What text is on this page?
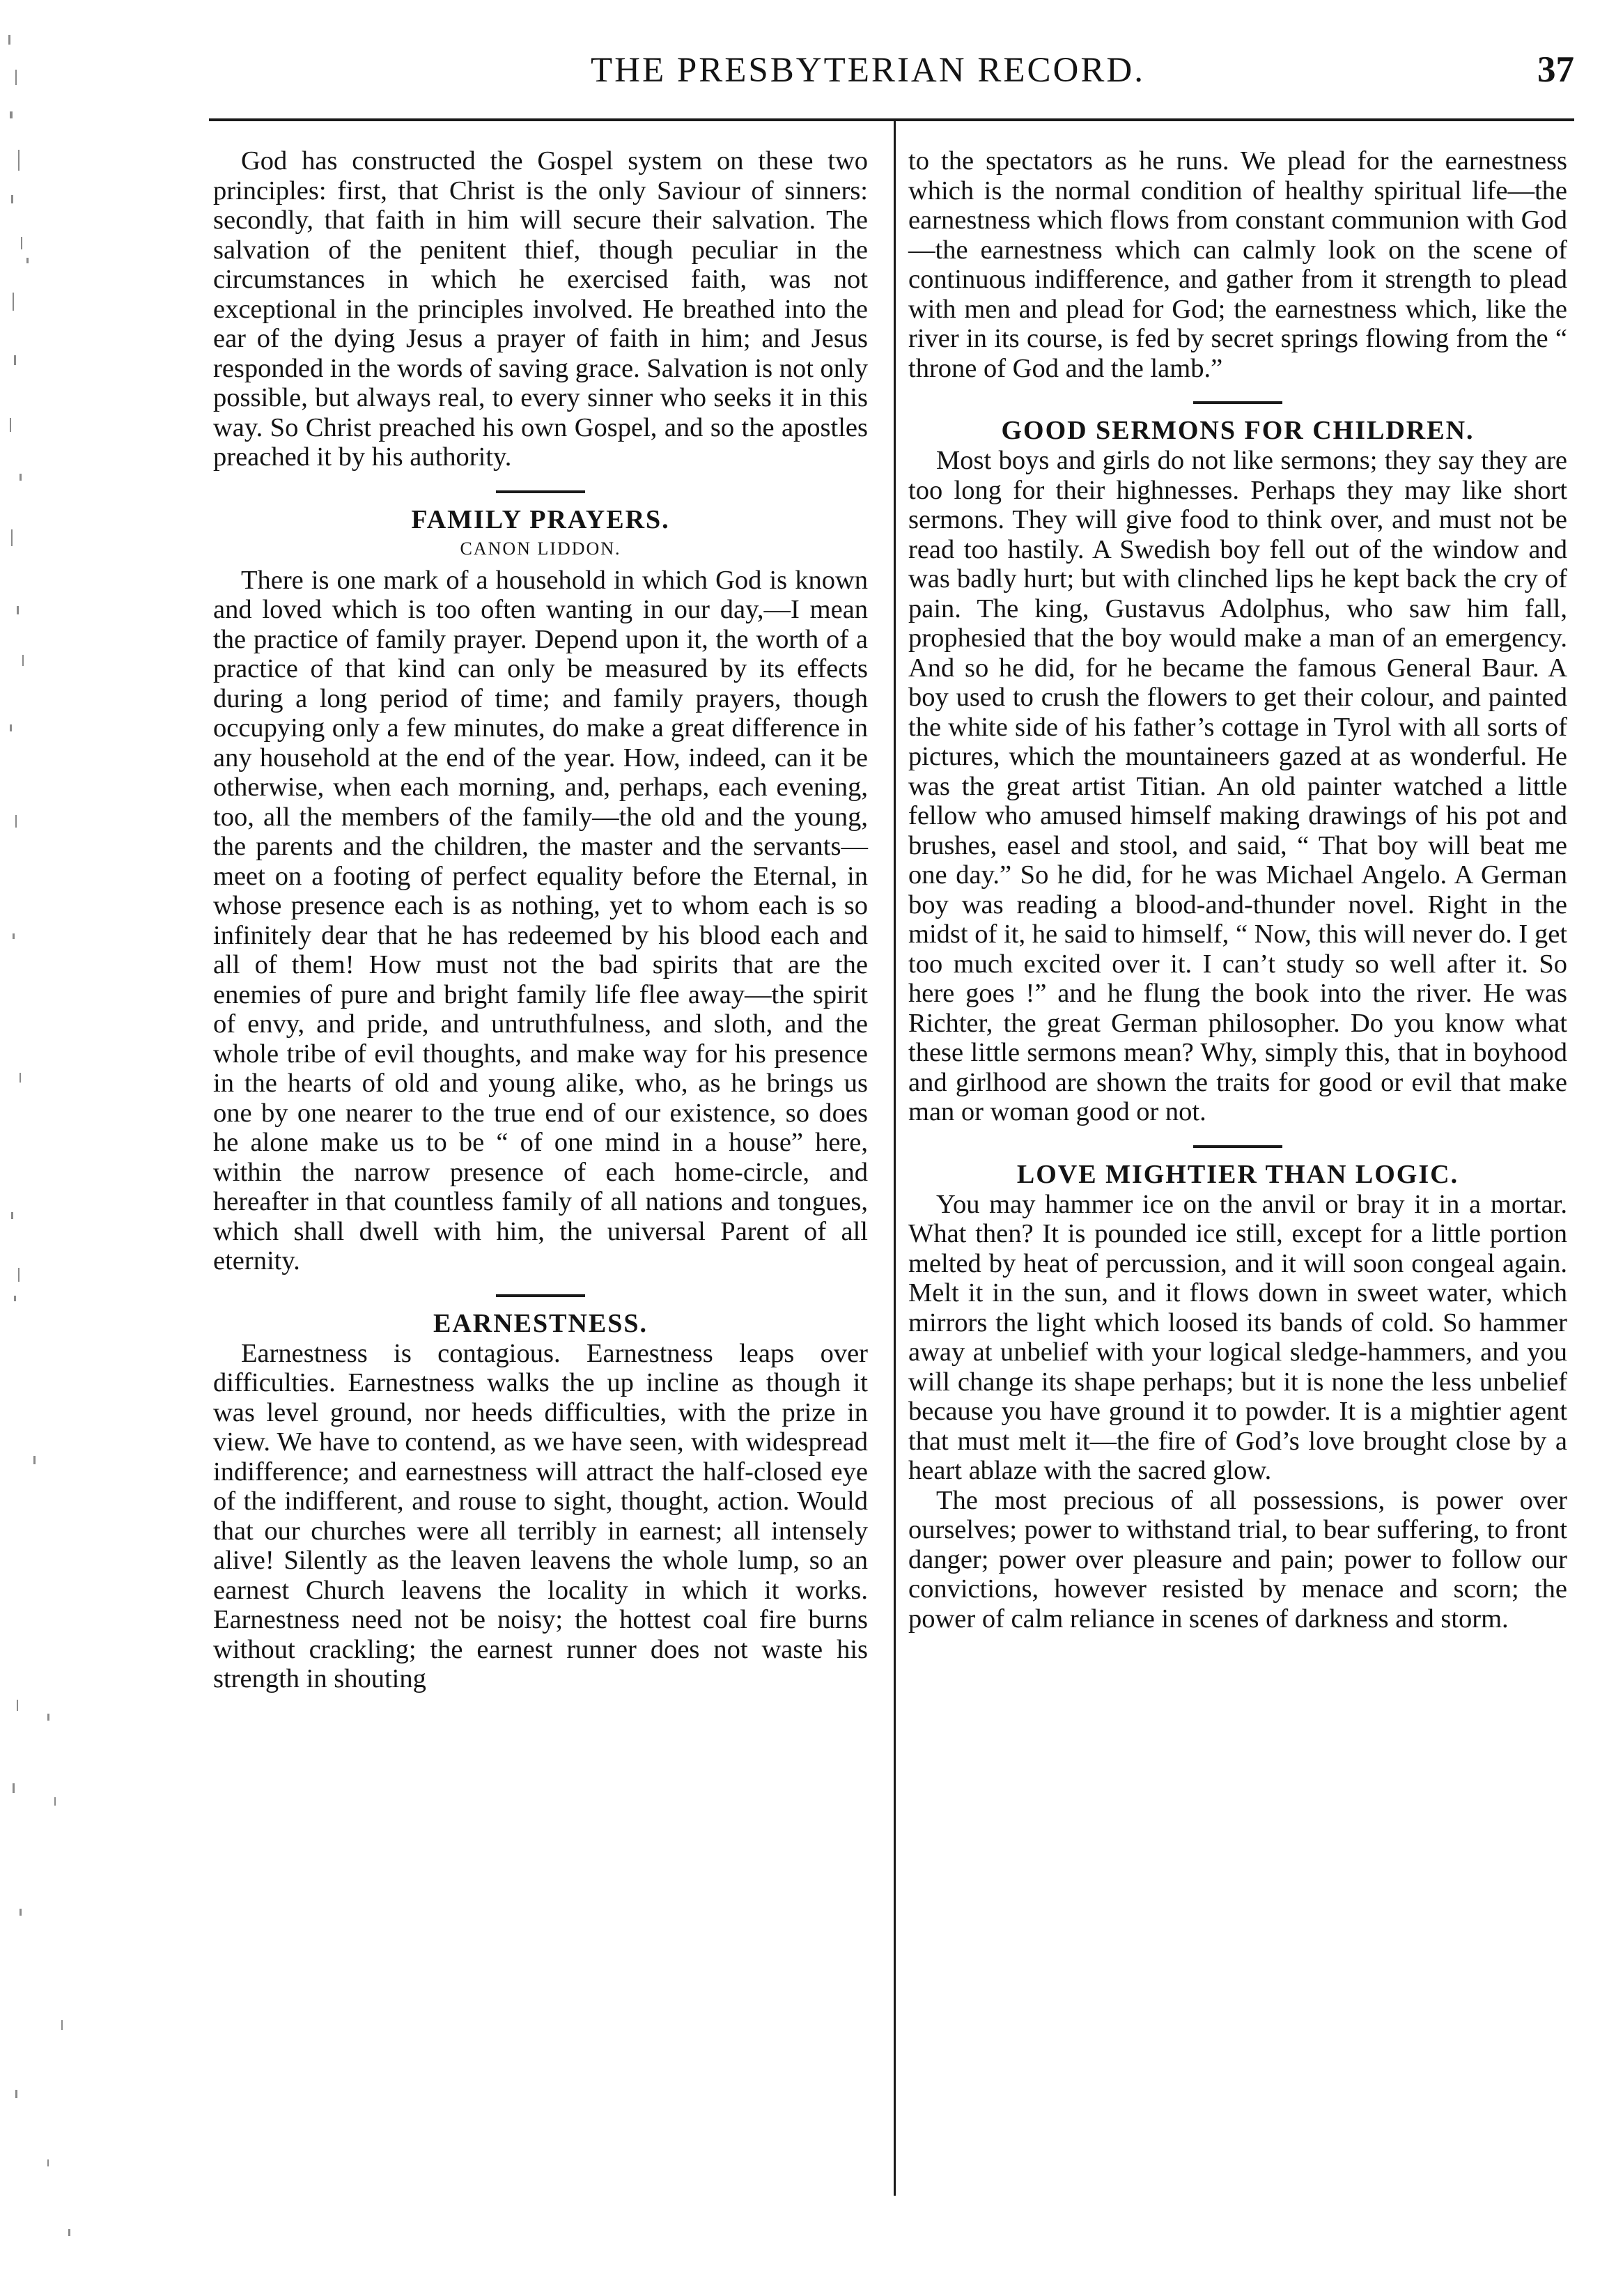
THE PRESBYTERIAN RECORD.	37

God has constructed the Gospel system on these two principles: first, that Christ is the only Saviour of sinners: secondly, that faith in him will secure their salvation. The salvation of the penitent thief, though peculiar in the circumstances in which he exercised faith, was not exceptional in the principles involved. He breathed into the ear of the dying Jesus a prayer of faith in him; and Jesus responded in the words of saving grace. Salvation is not only possible, but always real, to every sinner who seeks it in this way. So Christ preached his own Gospel, and so the apostles preached it by his authority.

FAMILY PRAYERS.
CANON LIDDON.

There is one mark of a household in which God is known and loved which is too often wanting in our day,—I mean the practice of family prayer. Depend upon it, the worth of a practice of that kind can only be measured by its effects during a long period of time; and family prayers, though occupying only a few minutes, do make a great difference in any household at the end of the year. How, indeed, can it be otherwise, when each morning, and, perhaps, each evening, too, all the members of the family—the old and the young, the parents and the children, the master and the servants—meet on a footing of perfect equality before the Eternal, in whose presence each is as nothing, yet to whom each is so infinitely dear that he has redeemed by his blood each and all of them! How must not the bad spirits that are the enemies of pure and bright family life flee away—the spirit of envy, and pride, and untruthfulness, and sloth, and the whole tribe of evil thoughts, and make way for his presence in the hearts of old and young alike, who, as he brings us one by one nearer to the true end of our existence, so does he alone make us to be “ of one mind in a house” here, within the narrow presence of each home-circle, and hereafter in that countless family of all nations and tongues, which shall dwell with him, the universal Parent of all eternity.

EARNESTNESS.

Earnestness is contagious. Earnestness leaps over difficulties. Earnestness walks the up incline as though it was level ground, nor heeds difficulties, with the prize in view. We have to contend, as we have seen, with widespread indifference; and earnestness will attract the half-closed eye of the indifferent, and rouse to sight, thought, action. Would that our churches were all terribly in earnest; all intensely alive! Silently as the leaven leavens the whole lump, so an earnest Church leavens the locality in which it works. Earnestness need not be noisy; the hottest coal fire burns without crackling; the earnest runner does not waste his strength in shouting

to the spectators as he runs. We plead for the earnestness which is the normal condition of healthy spiritual life—the earnestness which flows from constant communion with God—the earnestness which can calmly look on the scene of continuous indifference, and gather from it strength to plead with men and plead for God; the earnestness which, like the river in its course, is fed by secret springs flowing from the “ throne of God and the lamb.”

GOOD SERMONS FOR CHILDREN.

Most boys and girls do not like sermons; they say they are too long for their highnesses. Perhaps they may like short sermons. They will give food to think over, and must not be read too hastily. A Swedish boy fell out of the window and was badly hurt; but with clinched lips he kept back the cry of pain. The king, Gustavus Adolphus, who saw him fall, prophesied that the boy would make a man of an emergency. And so he did, for he became the famous General Baur. A boy used to crush the flowers to get their colour, and painted the white side of his father’s cottage in Tyrol with all sorts of pictures, which the mountaineers gazed at as wonderful. He was the great artist Titian. An old painter watched a little fellow who amused himself making drawings of his pot and brushes, easel and stool, and said, “ That boy will beat me one day.” So he did, for he was Michael Angelo. A German boy was reading a blood-and-thunder novel. Right in the midst of it, he said to himself, “ Now, this will never do. I get too much excited over it. I can’t study so well after it. So here goes !” and he flung the book into the river. He was Richter, the great German philosopher. Do you know what these little sermons mean? Why, simply this, that in boyhood and girlhood are shown the traits for good or evil that make man or woman good or not.

LOVE MIGHTIER THAN LOGIC.

You may hammer ice on the anvil or bray it in a mortar. What then? It is pounded ice still, except for a little portion melted by heat of percussion, and it will soon congeal again. Melt it in the sun, and it flows down in sweet water, which mirrors the light which loosed its bands of cold. So hammer away at unbelief with your logical sledge-hammers, and you will change its shape perhaps; but it is none the less unbelief because you have ground it to powder. It is a mightier agent that must melt it—the fire of God’s love brought close by a heart ablaze with the sacred glow.

The most precious of all possessions, is power over ourselves; power to withstand trial, to bear suffering, to front danger; power over pleasure and pain; power to follow our convictions, however resisted by menace and scorn; the power of calm reliance in scenes of darkness and storm.
